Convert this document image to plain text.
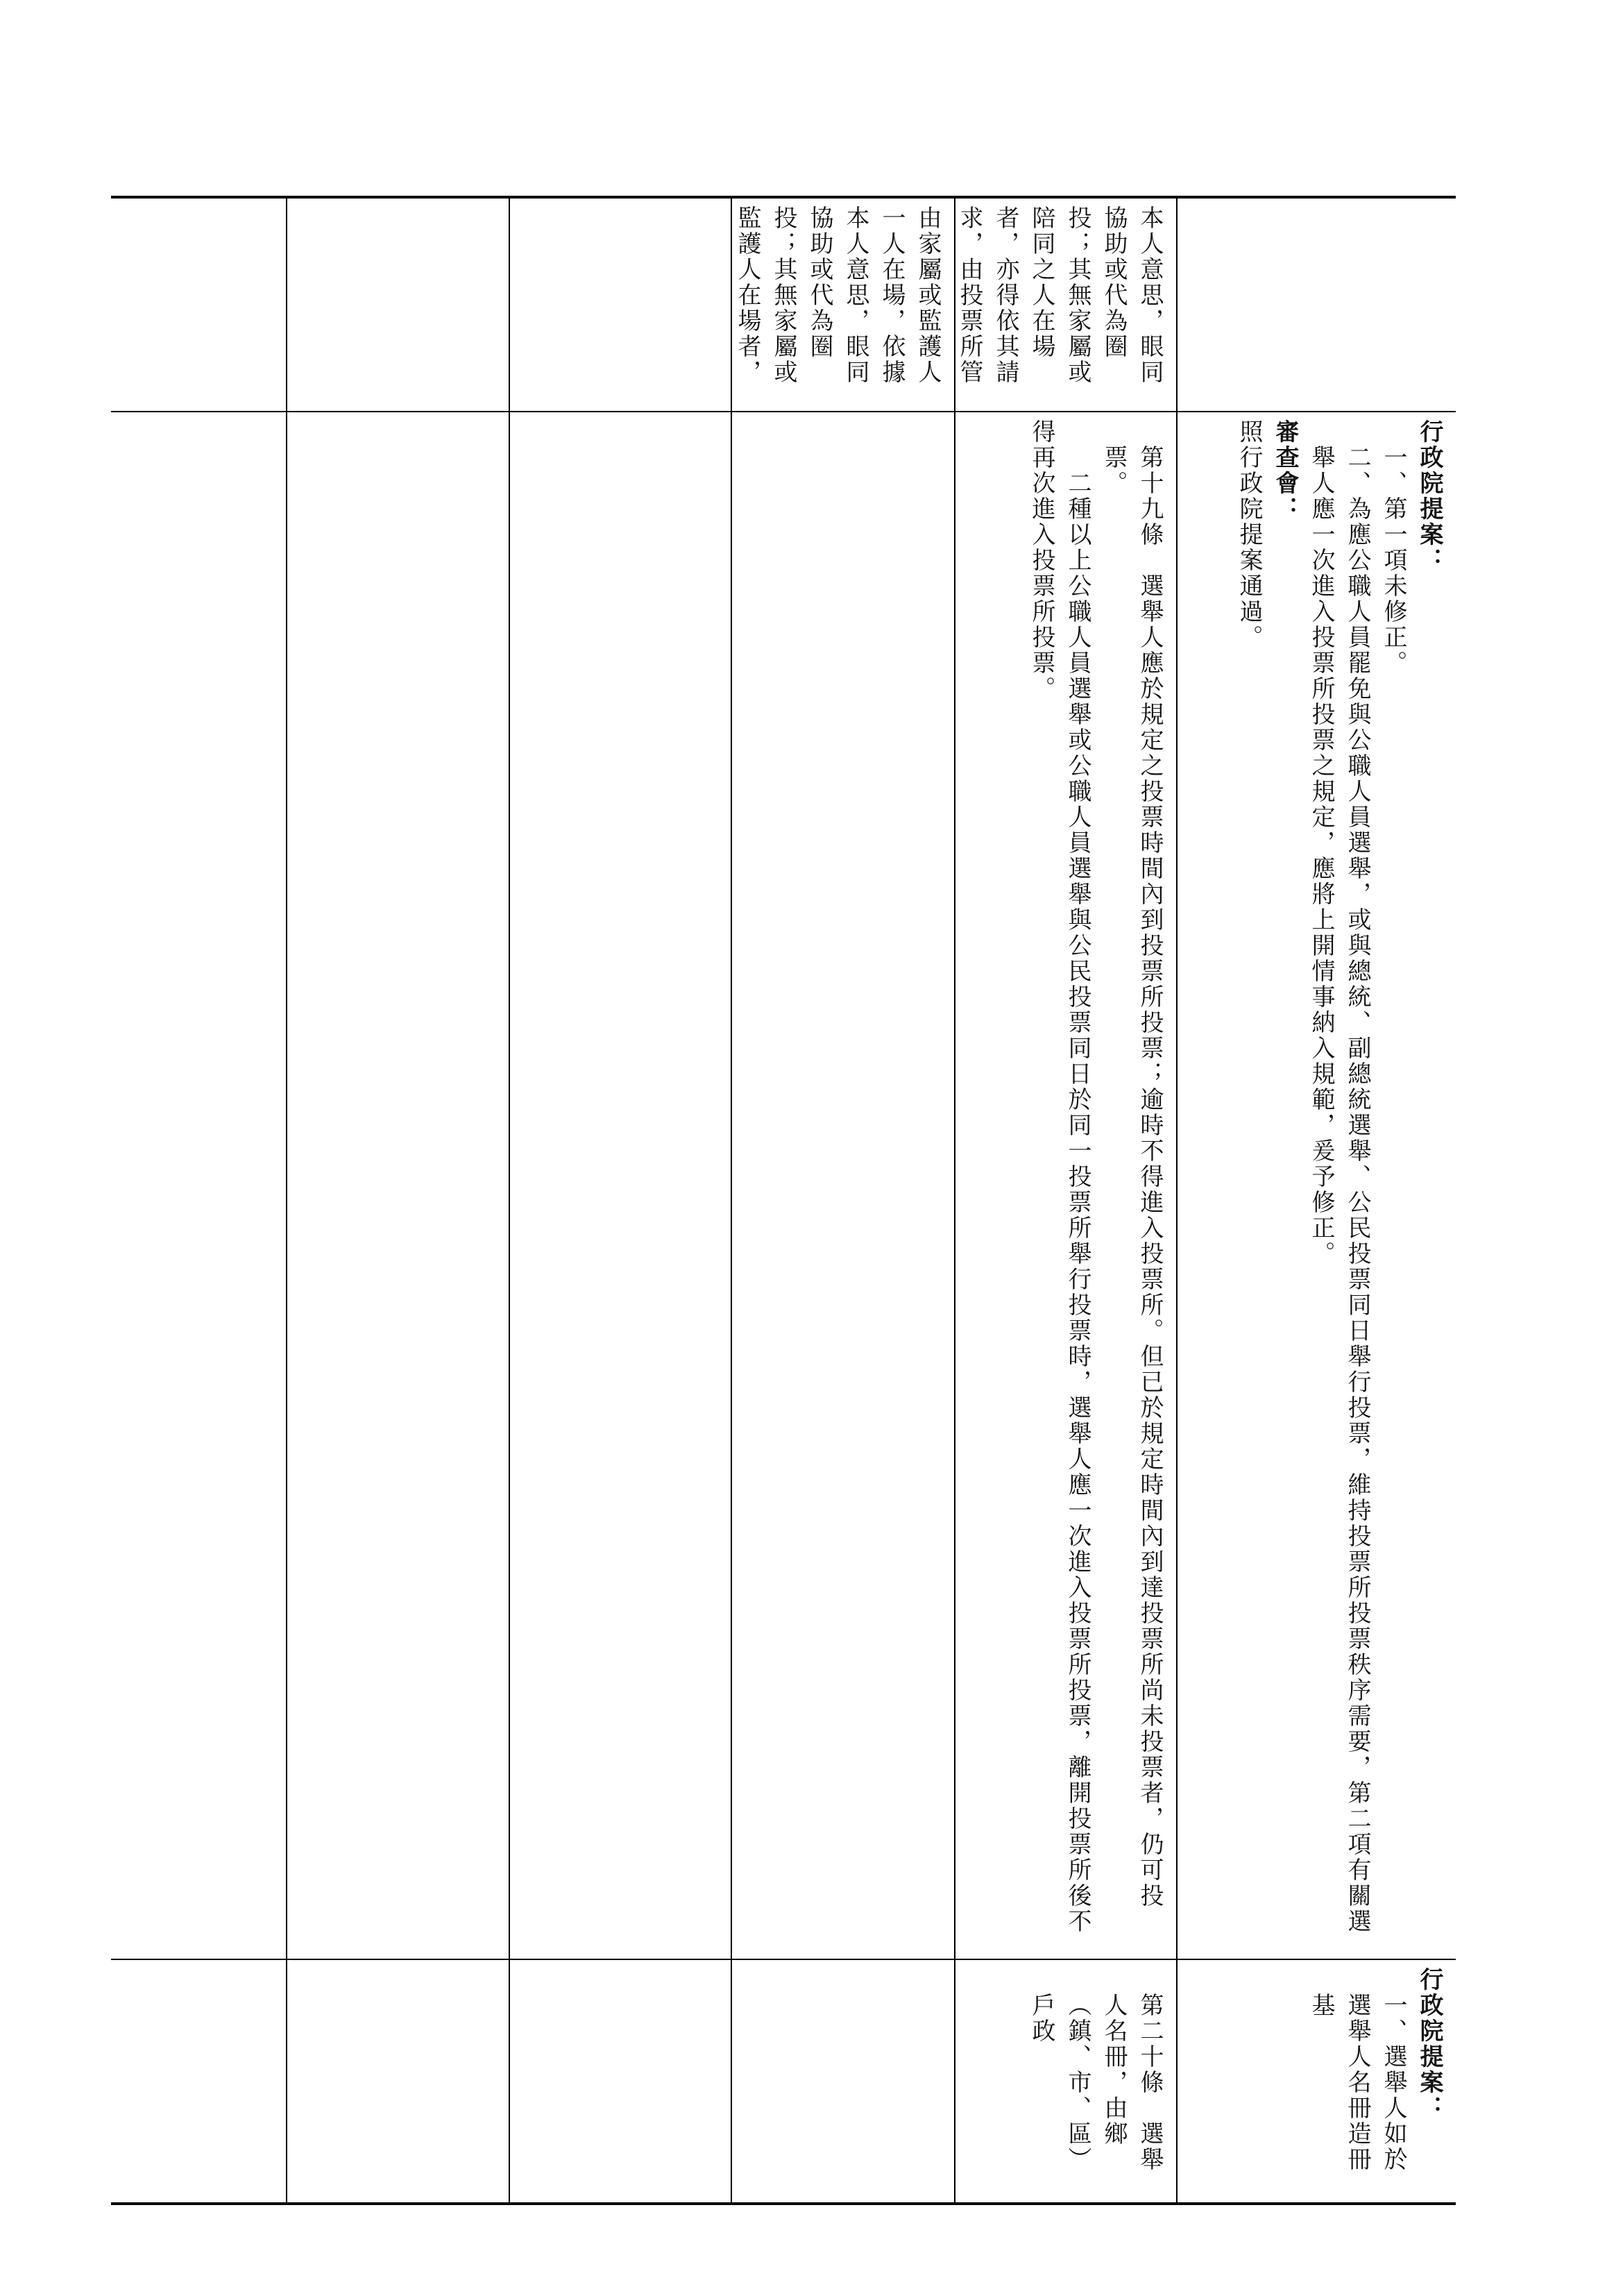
本人意思，眼同協助或代為圈投；其無家屬或陪同之人在場者，亦得依其請求，由投票所管　　

由家屬或監護人一人在場，依據本人意思，眼同協助或代為圈投；其無家屬或監護人在場者，　　

行政院提案：

一、第一項未修正。

二、為應公職人員罷免與公職人員選舉，或與總統、副總統選舉、公民投票同日舉行投票，維持投票所投票秩序需要，第二項有關選舉人應一次進入投票所投票之規定，應將上開情事納入規範，爰予修正。

審查會：

照行政院提案通過。

第十九條　選舉人應於規定之投票時間內到投票所投票；逾時不得進入投票所。但已於規定時間內到達投票所尚未投票者，仍可投票。

　　二種以上公職人員選舉或公職人員選舉與公民投票同日於同一投票所舉行投票時，選舉人應一次進入投票所投票，離開投票所後不得再次進入投票所投票。

行政院提案：

一、選舉人如於選舉人名冊造冊基

第二十條　選舉人名冊，由鄉（鎮、市、區）戶政
